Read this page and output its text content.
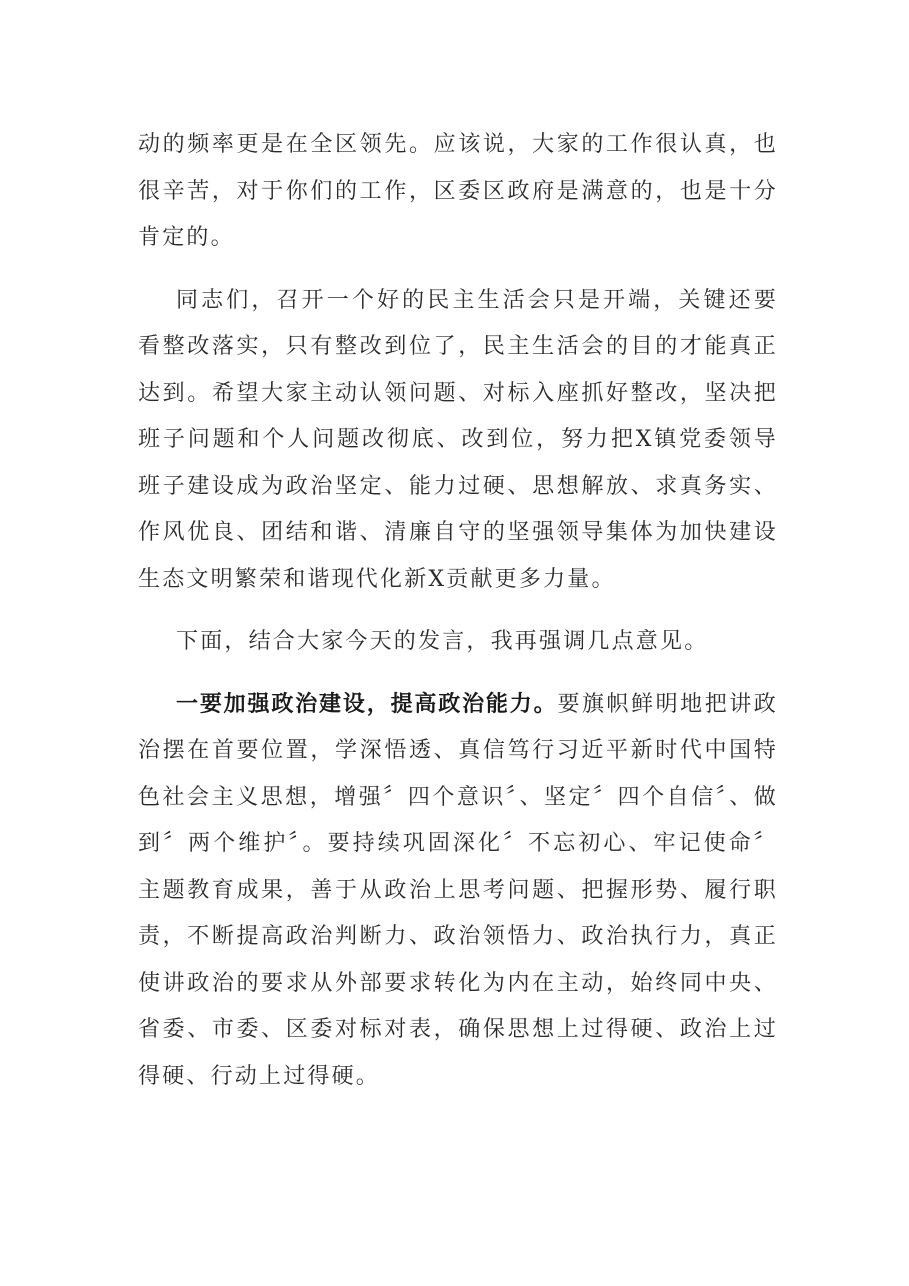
动的频率更是在全区领先。应该说，大家的工作很认真，也很辛苦，对于你们的工作，区委区政府是满意的，也是十分肯定的。

同志们，召开一个好的民主生活会只是开端，关键还要看整改落实，只有整改到位了，民主生活会的目的才能真正达到。希望大家主动认领问题、对标入座抓好整改，坚决把班子问题和个人问题改彻底、改到位，努力把X镇党委领导班子建设成为政治坚定、能力过硬、思想解放、求真务实、作风优良、团结和谐、清廉自守的坚强领导集体为加快建设生态文明繁荣和谐现代化新X贡献更多力量。

下面，结合大家今天的发言，我再强调几点意见。

一要加强政治建设，提高政治能力。要旗帜鲜明地把讲政治摆在首要位置，学深悟透、真信笃行习近平新时代中国特色社会主义思想，增强〞四个意识〞、坚定〞四个自信〞、做到〞两个维护〞。要持续巩固深化〞不忘初心、牢记使命〞主题教育成果，善于从政治上思考问题、把握形势、履行职责，不断提高政治判断力、政治领悟力、政治执行力，真正使讲政治的要求从外部要求转化为内在主动，始终同中央、省委、市委、区委对标对表，确保思想上过得硬、政治上过得硬、行动上过得硬。
